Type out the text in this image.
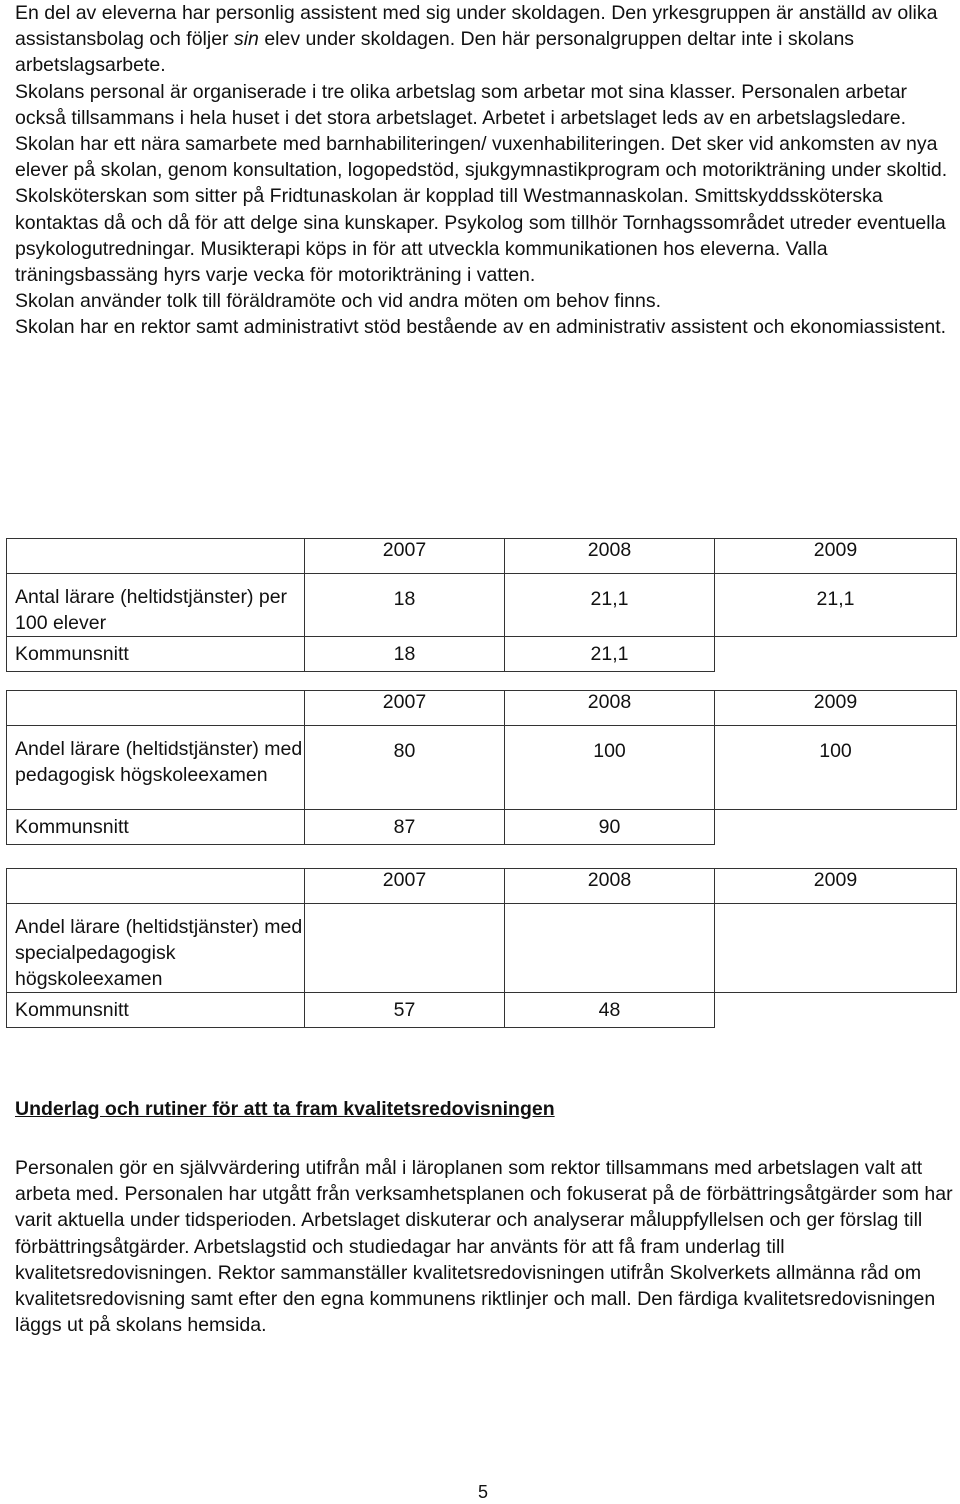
En del av eleverna har personlig assistent med sig under skoldagen. Den yrkesgruppen är anställd av olika assistansbolag och följer sin elev under skoldagen. Den här personalgruppen deltar inte i skolans arbetslagsarbete.

Skolans personal är organiserade i tre olika arbetslag som arbetar mot sina klasser. Personalen arbetar också tillsammans i hela huset i det stora arbetslaget. Arbetet i arbetslaget leds av en arbetslagsledare.

Skolan har ett nära samarbete med barnhabiliteringen/ vuxenhabiliteringen. Det sker vid ankomsten av nya elever på skolan, genom konsultation, logopedstöd, sjukgymnastikprogram och motorikträning under skoltid. Skolsköterskan som sitter på Fridtunaskolan är kopplad till Westmannaskolan. Smittskyddssköterska kontaktas då och då för att delge sina kunskaper. Psykolog som tillhör Tornhagssområdet utreder eventuella psykologutredningar. Musikterapi köps in för att utveckla kommunikationen hos eleverna. Valla träningsbassäng hyrs varje vecka för motorikträning i vatten.

Skolan använder tolk till föräldramöte och vid andra möten om behov finns.

Skolan har en rektor samt administrativt stöd bestående av en administrativ assistent och ekonomiassistent.

	2007	2008	2009
Antal lärare (heltidstjänster) per 100 elever	18	21,1	21,1
Kommunsnitt	18	21,1	
	2007	2008	2009
Andel lärare (heltidstjänster) med pedagogisk högskoleexamen	80	100	100
Kommunsnitt	87	90	
	2007	2008	2009
Andel lärare (heltidstjänster) med specialpedagogisk högskoleexamen			
Kommunsnitt	57	48	
Underlag och rutiner för att ta fram kvalitetsredovisningen

Personalen gör en självvärdering utifrån mål i läroplanen som rektor tillsammans med arbetslagen valt att arbeta med. Personalen har utgått från verksamhetsplanen och fokuserat på de förbättringsåtgärder som har varit aktuella under tidsperioden. Arbetslaget diskuterar och analyserar måluppfyllelsen och ger förslag till förbättringsåtgärder. Arbetslagstid och studiedagar har använts för att få fram underlag till kvalitetsredovisningen. Rektor sammanställer kvalitetsredovisningen utifrån Skolverkets allmänna råd om kvalitetsredovisning samt efter den egna kommunens riktlinjer och mall. Den färdiga kvalitetsredovisningen läggs ut på skolans hemsida.

5
